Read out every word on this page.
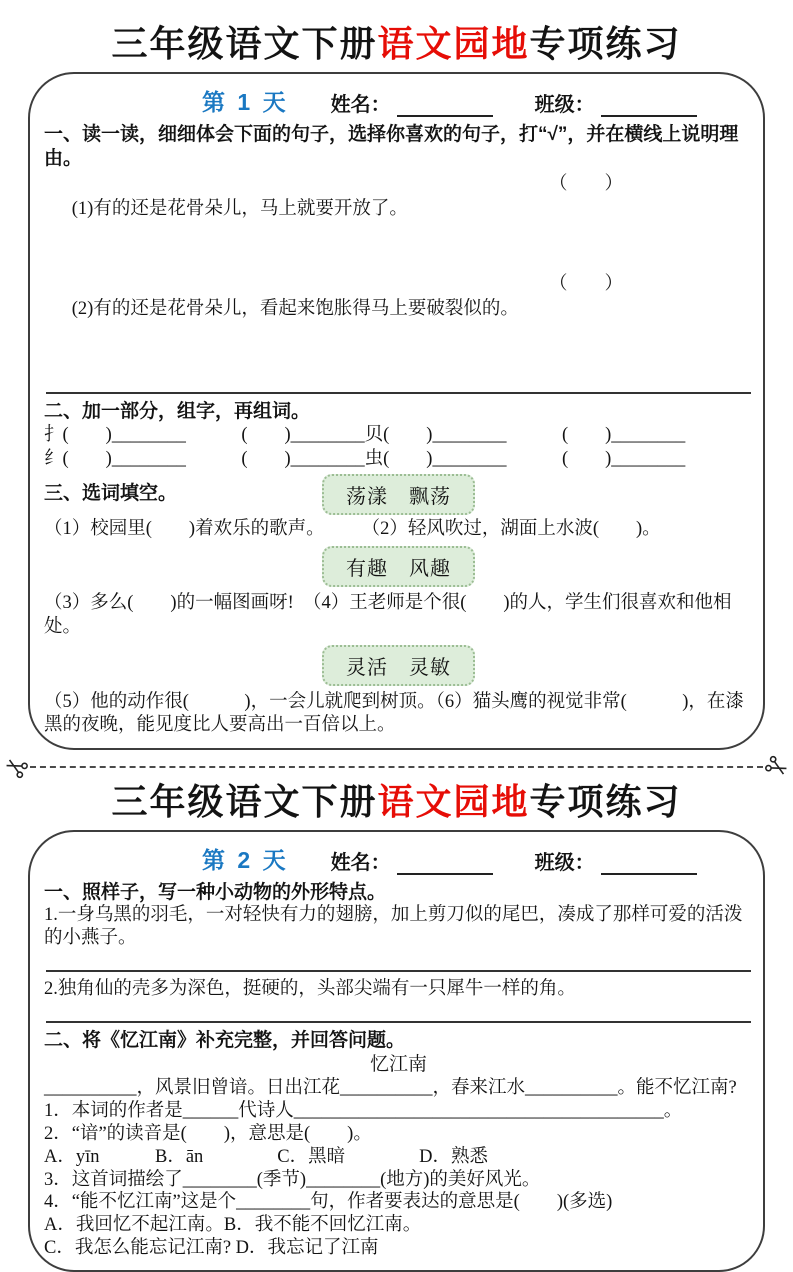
三年级语文下册语文园地专项练习
第 1 天 姓名：	班级：

一、读一读，细细体会下面的句子，选择你喜欢的句子，打“√”，并在横线上说明理由。

(1)有的还是花骨朵儿，马上就要开放了。

（　　）

(2)有的还是花骨朵儿，看起来饱胀得马上要破裂似的。

（　　）

二、加一部分，组字，再组词。

扌(　　)________　　　(　　)________贝(　　)________　　　(　　)________

纟(　　)________　　　(　　)________虫(　　)________　　　(　　)________

三、选词填空。	荡漾　飘荡

（1）校园里(　　)着欢乐的歌声。　　　（2）轻风吹过，湖面上水波(　　)。

有趣　风趣

（3）多么(　　)的一幅图画呀!　（4）王老师是个很(　　)的人，学生们很喜欢和他相处。

灵活　灵敏

（5）他的动作很(　　　)，一会儿就爬到树顶。（6）猫头鹰的视觉非常(　　　)，在漆黑的夜晚，能见度比人要高出一百倍以上。

三年级语文下册语文园地专项练习
第 2 天 姓名：	班级：

一、照样子，写一种小动物的外形特点。

1.一身乌黑的羽毛，一对轻快有力的翅膀，加上剪刀似的尾巴，凑成了那样可爱的活泼的小燕子。

2.独角仙的壳多为深色，挺硬的，头部尖端有一只犀牛一样的角。

二、将《忆江南》补充完整，并回答问题。

忆江南

__________，风景旧曾谙。日出江花__________，春来江水__________。能不忆江南?

1．本词的作者是______代诗人________________________________________。

2．“谙”的读音是(　　)，意思是(　　)。

A．yīn　　　B．ān　　　　C．黑暗　　　　D．熟悉

3．这首词描绘了________(季节)________(地方)的美好风光。

4．“能不忆江南”这是个________句，作者要表达的意思是(　　)(多选)

A．我回忆不起江南。B．我不能不回忆江南。

C．我怎么能忘记江南? D．我忘记了江南
